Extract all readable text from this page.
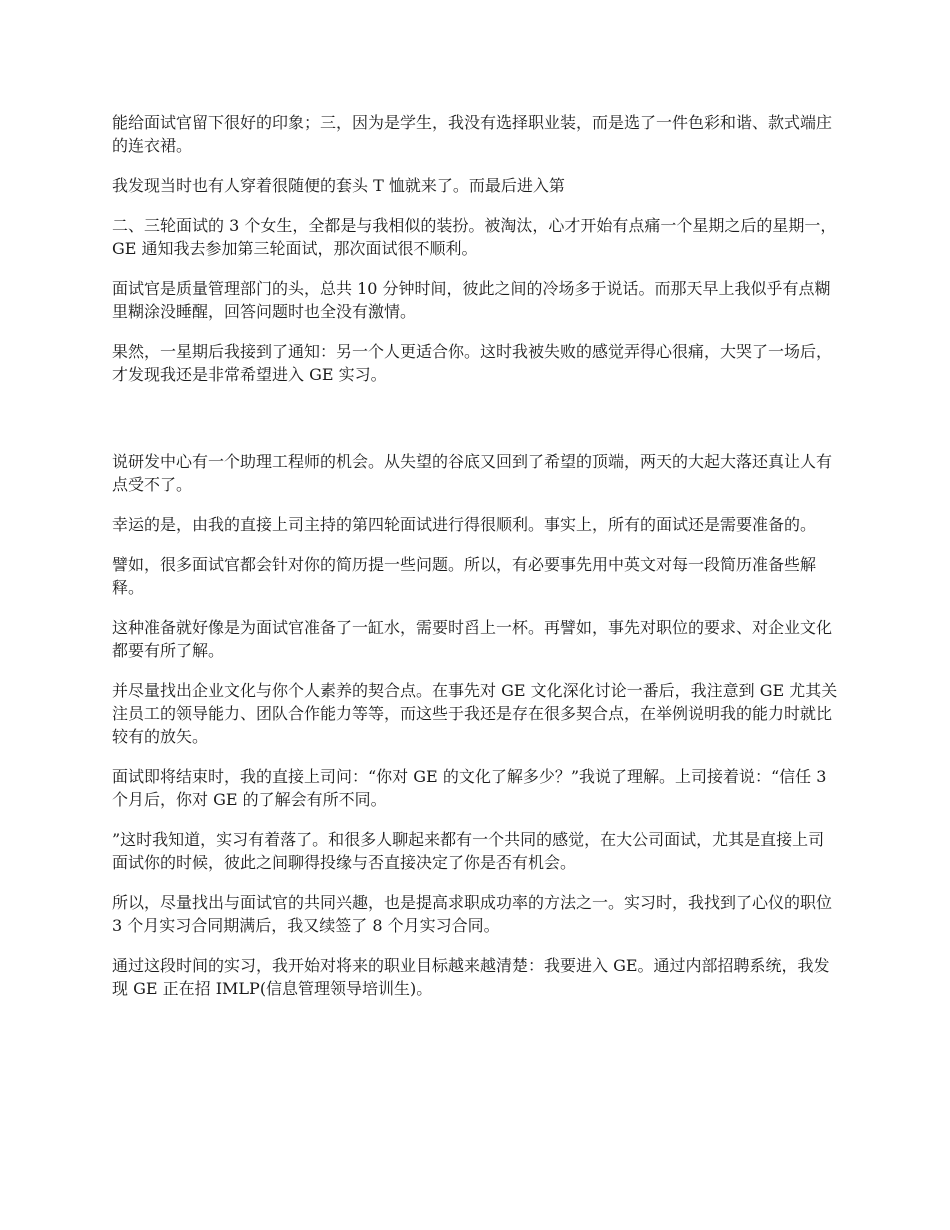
能给面试官留下很好的印象；三，因为是学生，我没有选择职业装，而是选了一件色彩和谐、款式端庄的连衣裙。

我发现当时也有人穿着很随便的套头 T 恤就来了。而最后进入第

二、三轮面试的 3 个女生，全都是与我相似的装扮。被淘汰，心才开始有点痛一个星期之后的星期一，GE 通知我去参加第三轮面试，那次面试很不顺利。

面试官是质量管理部门的头，总共 10 分钟时间，彼此之间的冷场多于说话。而那天早上我似乎有点糊里糊涂没睡醒，回答问题时也全没有激情。

果然，一星期后我接到了通知：另一个人更适合你。这时我被失败的感觉弄得心很痛，大哭了一场后，才发现我还是非常希望进入 GE 实习。

说研发中心有一个助理工程师的机会。从失望的谷底又回到了希望的顶端，两天的大起大落还真让人有点受不了。

幸运的是，由我的直接上司主持的第四轮面试进行得很顺利。事实上，所有的面试还是需要准备的。

譬如，很多面试官都会针对你的简历提一些问题。所以，有必要事先用中英文对每一段简历准备些解释。

这种准备就好像是为面试官准备了一缸水，需要时舀上一杯。再譬如，事先对职位的要求、对企业文化都要有所了解。

并尽量找出企业文化与你个人素养的契合点。在事先对 GE 文化深化讨论一番后，我注意到 GE 尤其关注员工的领导能力、团队合作能力等等，而这些于我还是存在很多契合点，在举例说明我的能力时就比较有的放矢。

面试即将结束时，我的直接上司问：“你对 GE 的文化了解多少？”我说了理解。上司接着说：“信任 3 个月后，你对 GE 的了解会有所不同。

”这时我知道，实习有着落了。和很多人聊起来都有一个共同的感觉，在大公司面试，尤其是直接上司面试你的时候，彼此之间聊得投缘与否直接决定了你是否有机会。

所以，尽量找出与面试官的共同兴趣，也是提高求职成功率的方法之一。实习时，我找到了心仪的职位 3 个月实习合同期满后，我又续签了 8 个月实习合同。

通过这段时间的实习，我开始对将来的职业目标越来越清楚：我要进入 GE。通过内部招聘系统，我发现 GE 正在招 IMLP(信息管理领导培训生)。
